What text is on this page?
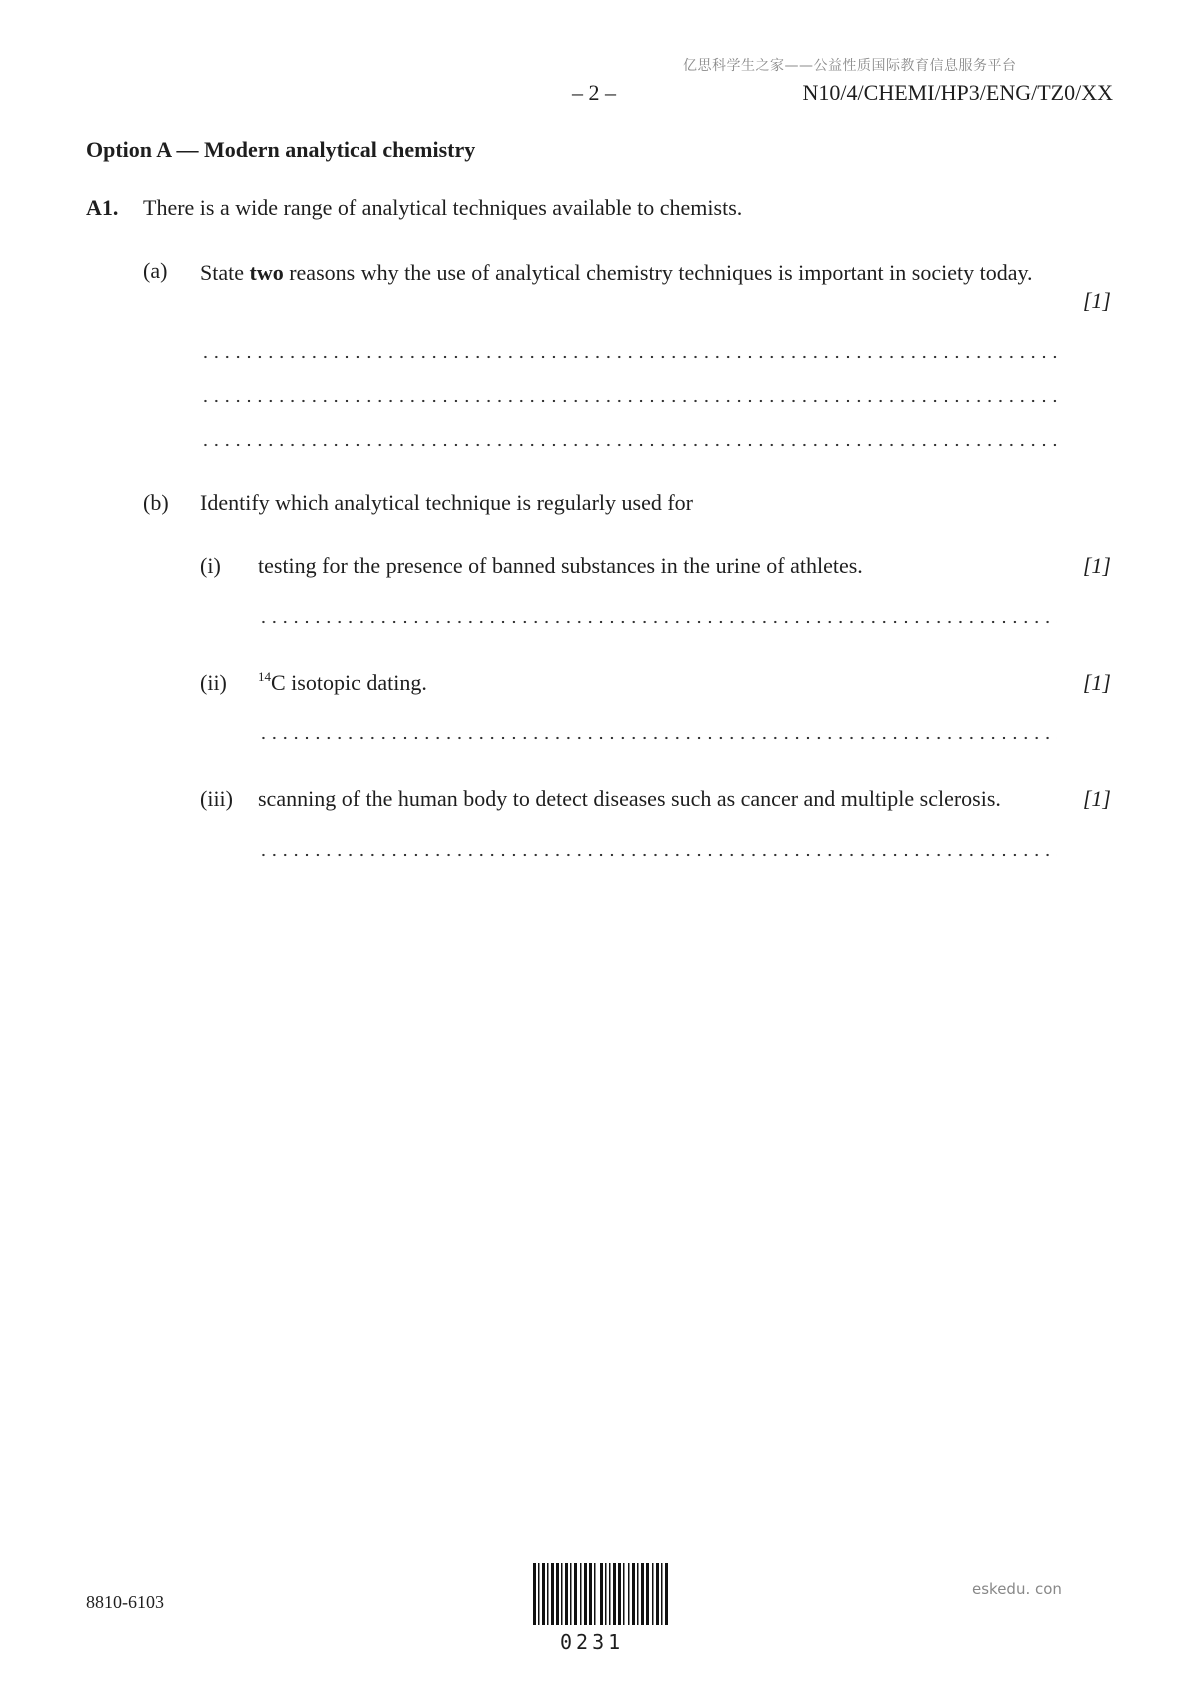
亿思科学生之家——公益性质国际教育信息服务平台
– 2 –	N10/4/CHEMI/HP3/ENG/TZ0/XX
Option A — Modern analytical chemistry
A1. There is a wide range of analytical techniques available to chemists.
(a) State two reasons why the use of analytical chemistry techniques is important in society today.
[1]
(b) Identify which analytical technique is regularly used for
(i) testing for the presence of banned substances in the urine of athletes.	[1]
(ii) $^{14}$C isotopic dating.	[1]
(iii) scanning of the human body to detect diseases such as cancer and multiple sclerosis.	[1]
8810-6103
0231
eskedu. con
